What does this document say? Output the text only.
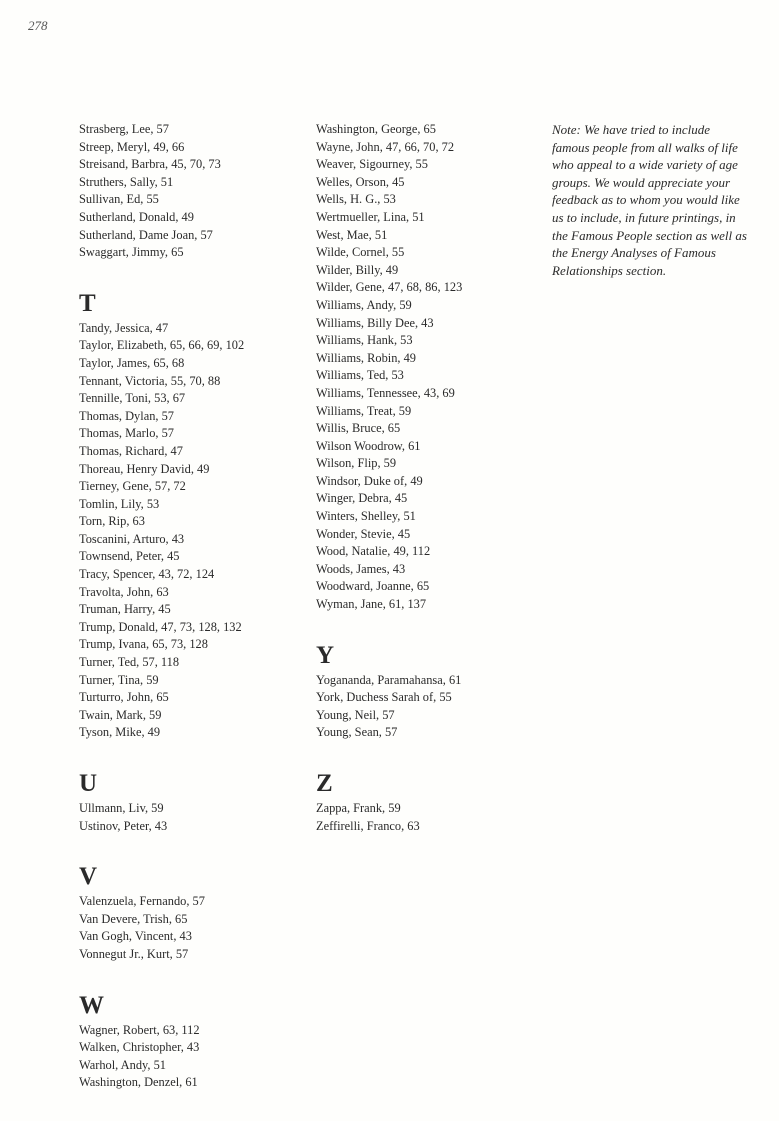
278
Strasberg, Lee, 57
Streep, Meryl, 49, 66
Streisand, Barbra, 45, 70, 73
Struthers, Sally, 51
Sullivan, Ed, 55
Sutherland, Donald, 49
Sutherland, Dame Joan, 57
Swaggart, Jimmy, 65
T
Tandy, Jessica, 47
Taylor, Elizabeth, 65, 66, 69, 102
Taylor, James, 65, 68
Tennant, Victoria, 55, 70, 88
Tennille, Toni, 53, 67
Thomas, Dylan, 57
Thomas, Marlo, 57
Thomas, Richard, 47
Thoreau, Henry David, 49
Tierney, Gene, 57, 72
Tomlin, Lily, 53
Torn, Rip, 63
Toscanini, Arturo, 43
Townsend, Peter, 45
Tracy, Spencer, 43, 72, 124
Travolta, John, 63
Truman, Harry, 45
Trump, Donald, 47, 73, 128, 132
Trump, Ivana, 65, 73, 128
Turner, Ted, 57, 118
Turner, Tina, 59
Turturro, John, 65
Twain, Mark, 59
Tyson, Mike, 49
U
Ullmann, Liv, 59
Ustinov, Peter, 43
V
Valenzuela, Fernando, 57
Van Devere, Trish, 65
Van Gogh, Vincent, 43
Vonnegut Jr., Kurt, 57
W
Wagner, Robert, 63, 112
Walken, Christopher, 43
Warhol, Andy, 51
Washington, Denzel, 61
Washington, George, 65
Wayne, John, 47, 66, 70, 72
Weaver, Sigourney, 55
Welles, Orson, 45
Wells, H. G., 53
Wertmueller, Lina, 51
West, Mae, 51
Wilde, Cornel, 55
Wilder, Billy, 49
Wilder, Gene, 47, 68, 86, 123
Williams, Andy, 59
Williams, Billy Dee, 43
Williams, Hank, 53
Williams, Robin, 49
Williams, Ted, 53
Williams, Tennessee, 43, 69
Williams, Treat, 59
Willis, Bruce, 65
Wilson Woodrow, 61
Wilson, Flip, 59
Windsor, Duke of, 49
Winger, Debra, 45
Winters, Shelley, 51
Wonder, Stevie, 45
Wood, Natalie, 49, 112
Woods, James, 43
Woodward, Joanne, 65
Wyman, Jane, 61, 137
Y
Yogananda, Paramahansa, 61
York, Duchess Sarah of, 55
Young, Neil, 57
Young, Sean, 57
Z
Zappa, Frank, 59
Zeffirelli, Franco, 63
Note: We have tried to include
famous people from all walks of life
who appeal to a wide variety of age
groups. We would appreciate your
feedback as to whom you would like
us to include, in future printings, in
the Famous People section as well as
the Energy Analyses of Famous
Relationships section.
